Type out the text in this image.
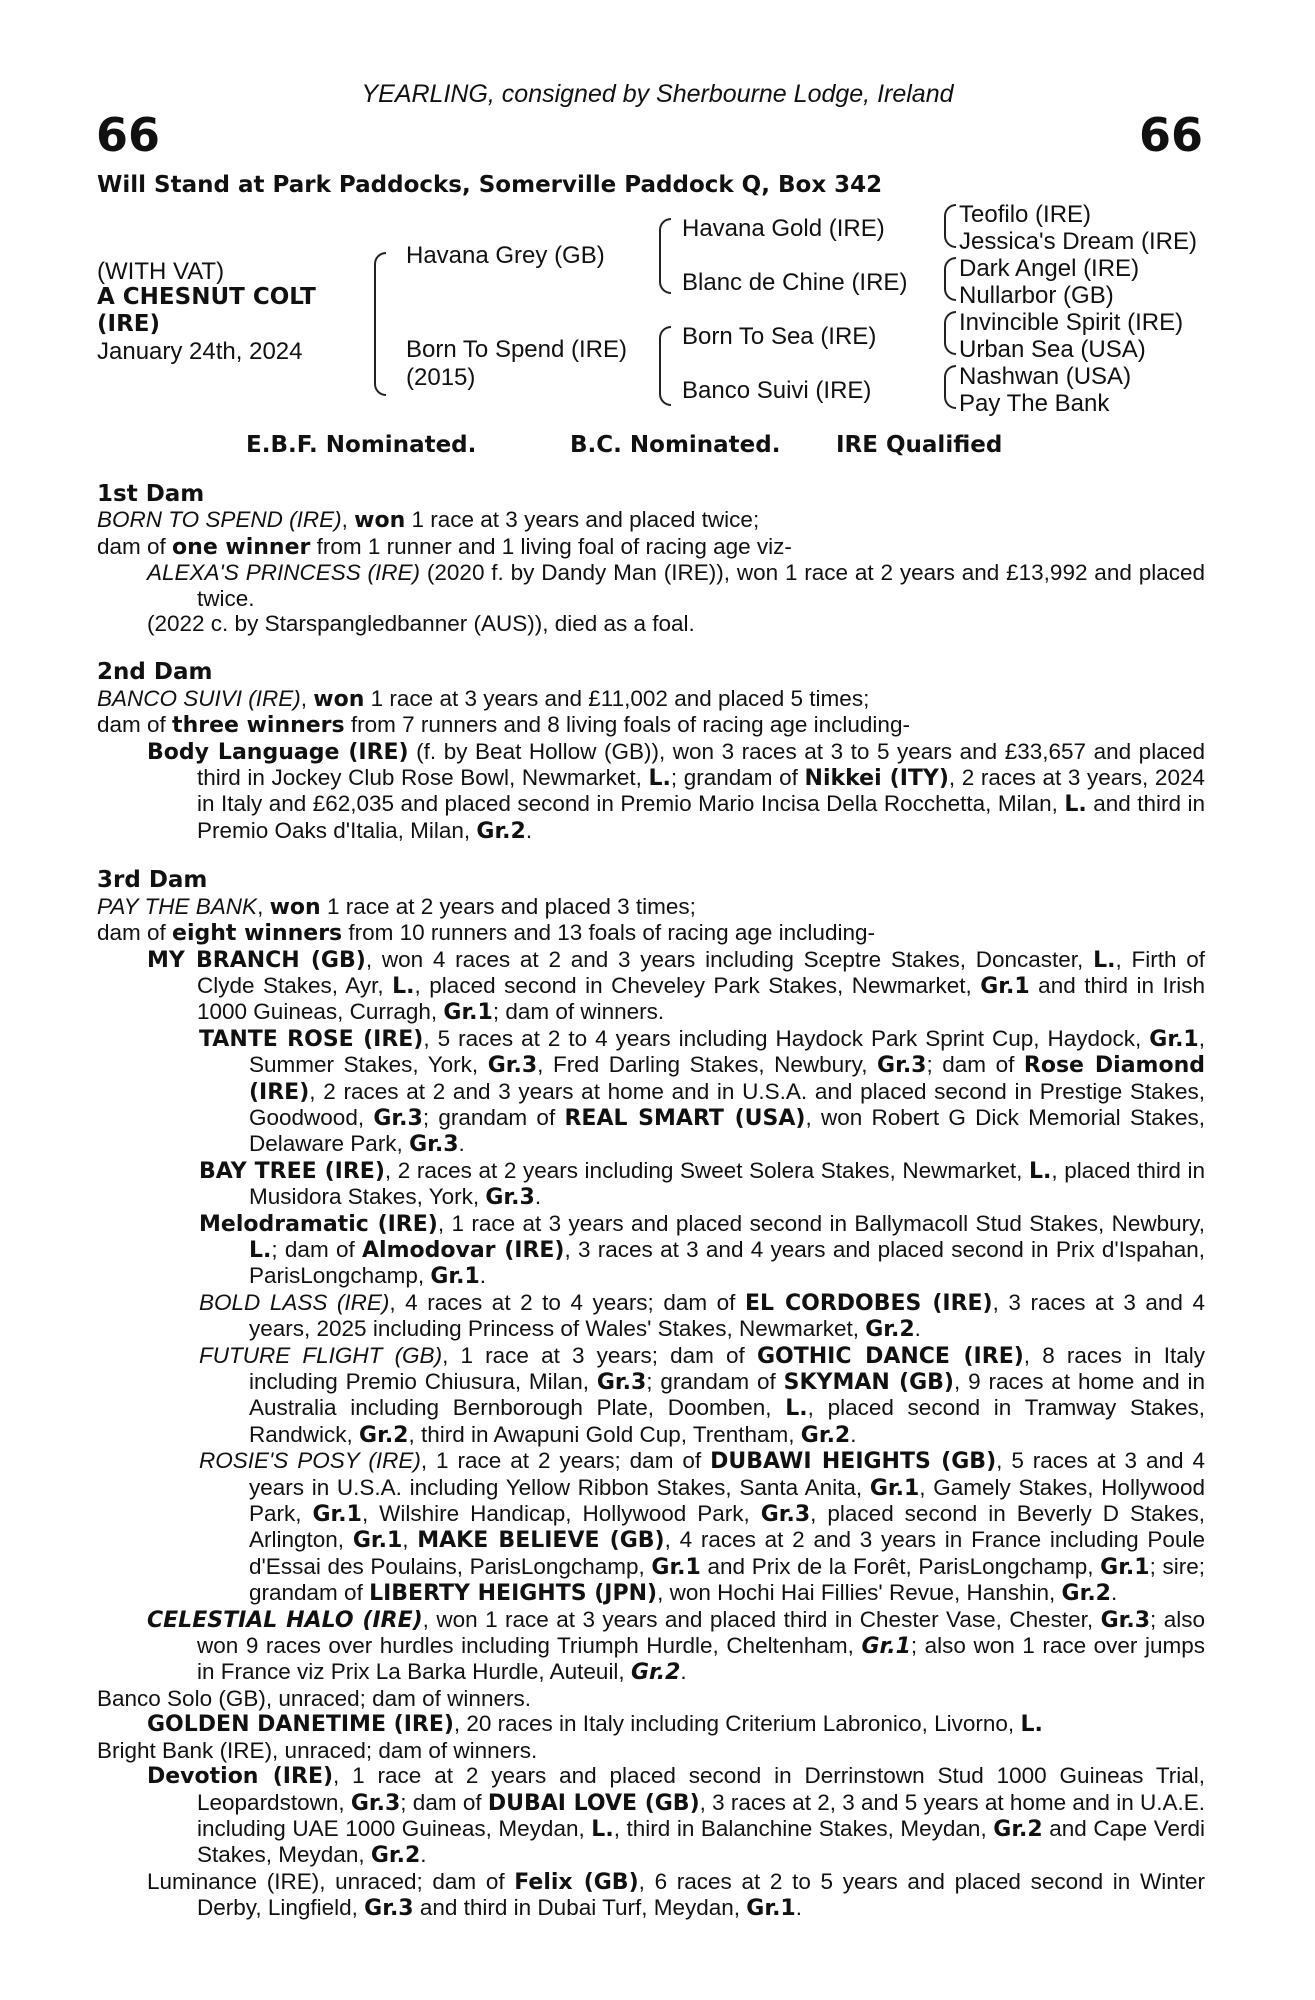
YEARLING, consigned by Sherbourne Lodge, Ireland
66	66
Will Stand at Park Paddocks, Somerville Paddock Q, Box 342
(WITH VAT)
A CHESNUT COLT
(IRE)
January 24th, 2024
Havana Grey (GB)
Born To Spend (IRE)
(2015)
Havana Gold (IRE)
Blanc de Chine (IRE)
Born To Sea (IRE)
Banco Suivi (IRE)
Teofilo (IRE)
Jessica's Dream (IRE)
Dark Angel (IRE)
Nullarbor (GB)
Invincible Spirit (IRE)
Urban Sea (USA)
Nashwan (USA)
Pay The Bank
E.B.F. Nominated.	B.C. Nominated. IRE Qualified
1st Dam
BORN TO SPEND (IRE), won 1 race at 3 years and placed twice;
dam of one winner from 1 runner and 1 living foal of racing age viz-
ALEXA'S PRINCESS (IRE) (2020 f. by Dandy Man (IRE)), won 1 race at 2 years and £13,992 and placed twice.
(2022 c. by Starspangledbanner (AUS)), died as a foal.
2nd Dam
BANCO SUIVI (IRE), won 1 race at 3 years and £11,002 and placed 5 times;
dam of three winners from 7 runners and 8 living foals of racing age including-
Body Language (IRE) (f. by Beat Hollow (GB)), won 3 races at 3 to 5 years and £33,657 and placed third in Jockey Club Rose Bowl, Newmarket, L.; grandam of Nikkei (ITY), 2 races at 3 years, 2024 in Italy and £62,035 and placed second in Premio Mario Incisa Della Rocchetta, Milan, L. and third in Premio Oaks d'Italia, Milan, Gr.2.
3rd Dam
PAY THE BANK, won 1 race at 2 years and placed 3 times;
dam of eight winners from 10 runners and 13 foals of racing age including-
MY BRANCH (GB), won 4 races at 2 and 3 years including Sceptre Stakes, Doncaster, L., Firth of Clyde Stakes, Ayr, L., placed second in Cheveley Park Stakes, Newmarket, Gr.1 and third in Irish 1000 Guineas, Curragh, Gr.1; dam of winners.
TANTE ROSE (IRE), 5 races at 2 to 4 years including Haydock Park Sprint Cup, Haydock, Gr.1, Summer Stakes, York, Gr.3, Fred Darling Stakes, Newbury, Gr.3; dam of Rose Diamond (IRE), 2 races at 2 and 3 years at home and in U.S.A. and placed second in Prestige Stakes, Goodwood, Gr.3; grandam of REAL SMART (USA), won Robert G Dick Memorial Stakes, Delaware Park, Gr.3.
BAY TREE (IRE), 2 races at 2 years including Sweet Solera Stakes, Newmarket, L., placed third in Musidora Stakes, York, Gr.3.
Melodramatic (IRE), 1 race at 3 years and placed second in Ballymacoll Stud Stakes, Newbury, L.; dam of Almodovar (IRE), 3 races at 3 and 4 years and placed second in Prix d'Ispahan, ParisLongchamp, Gr.1.
BOLD LASS (IRE), 4 races at 2 to 4 years; dam of EL CORDOBES (IRE), 3 races at 3 and 4 years, 2025 including Princess of Wales' Stakes, Newmarket, Gr.2.
FUTURE FLIGHT (GB), 1 race at 3 years; dam of GOTHIC DANCE (IRE), 8 races in Italy including Premio Chiusura, Milan, Gr.3; grandam of SKYMAN (GB), 9 races at home and in Australia including Bernborough Plate, Doomben, L., placed second in Tramway Stakes, Randwick, Gr.2, third in Awapuni Gold Cup, Trentham, Gr.2.
ROSIE'S POSY (IRE), 1 race at 2 years; dam of DUBAWI HEIGHTS (GB), 5 races at 3 and 4 years in U.S.A. including Yellow Ribbon Stakes, Santa Anita, Gr.1, Gamely Stakes, Hollywood Park, Gr.1, Wilshire Handicap, Hollywood Park, Gr.3, placed second in Beverly D Stakes, Arlington, Gr.1, MAKE BELIEVE (GB), 4 races at 2 and 3 years in France including Poule d'Essai des Poulains, ParisLongchamp, Gr.1 and Prix de la Forêt, ParisLongchamp, Gr.1; sire; grandam of LIBERTY HEIGHTS (JPN), won Hochi Hai Fillies' Revue, Hanshin, Gr.2.
CELESTIAL HALO (IRE), won 1 race at 3 years and placed third in Chester Vase, Chester, Gr.3; also won 9 races over hurdles including Triumph Hurdle, Cheltenham, Gr.1; also won 1 race over jumps in France viz Prix La Barka Hurdle, Auteuil, Gr.2.
Banco Solo (GB), unraced; dam of winners.
GOLDEN DANETIME (IRE), 20 races in Italy including Criterium Labronico, Livorno, L.
Bright Bank (IRE), unraced; dam of winners.
Devotion (IRE), 1 race at 2 years and placed second in Derrinstown Stud 1000 Guineas Trial, Leopardstown, Gr.3; dam of DUBAI LOVE (GB), 3 races at 2, 3 and 5 years at home and in U.A.E. including UAE 1000 Guineas, Meydan, L., third in Balanchine Stakes, Meydan, Gr.2 and Cape Verdi Stakes, Meydan, Gr.2.
Luminance (IRE), unraced; dam of Felix (GB), 6 races at 2 to 5 years and placed second in Winter Derby, Lingfield, Gr.3 and third in Dubai Turf, Meydan, Gr.1.
